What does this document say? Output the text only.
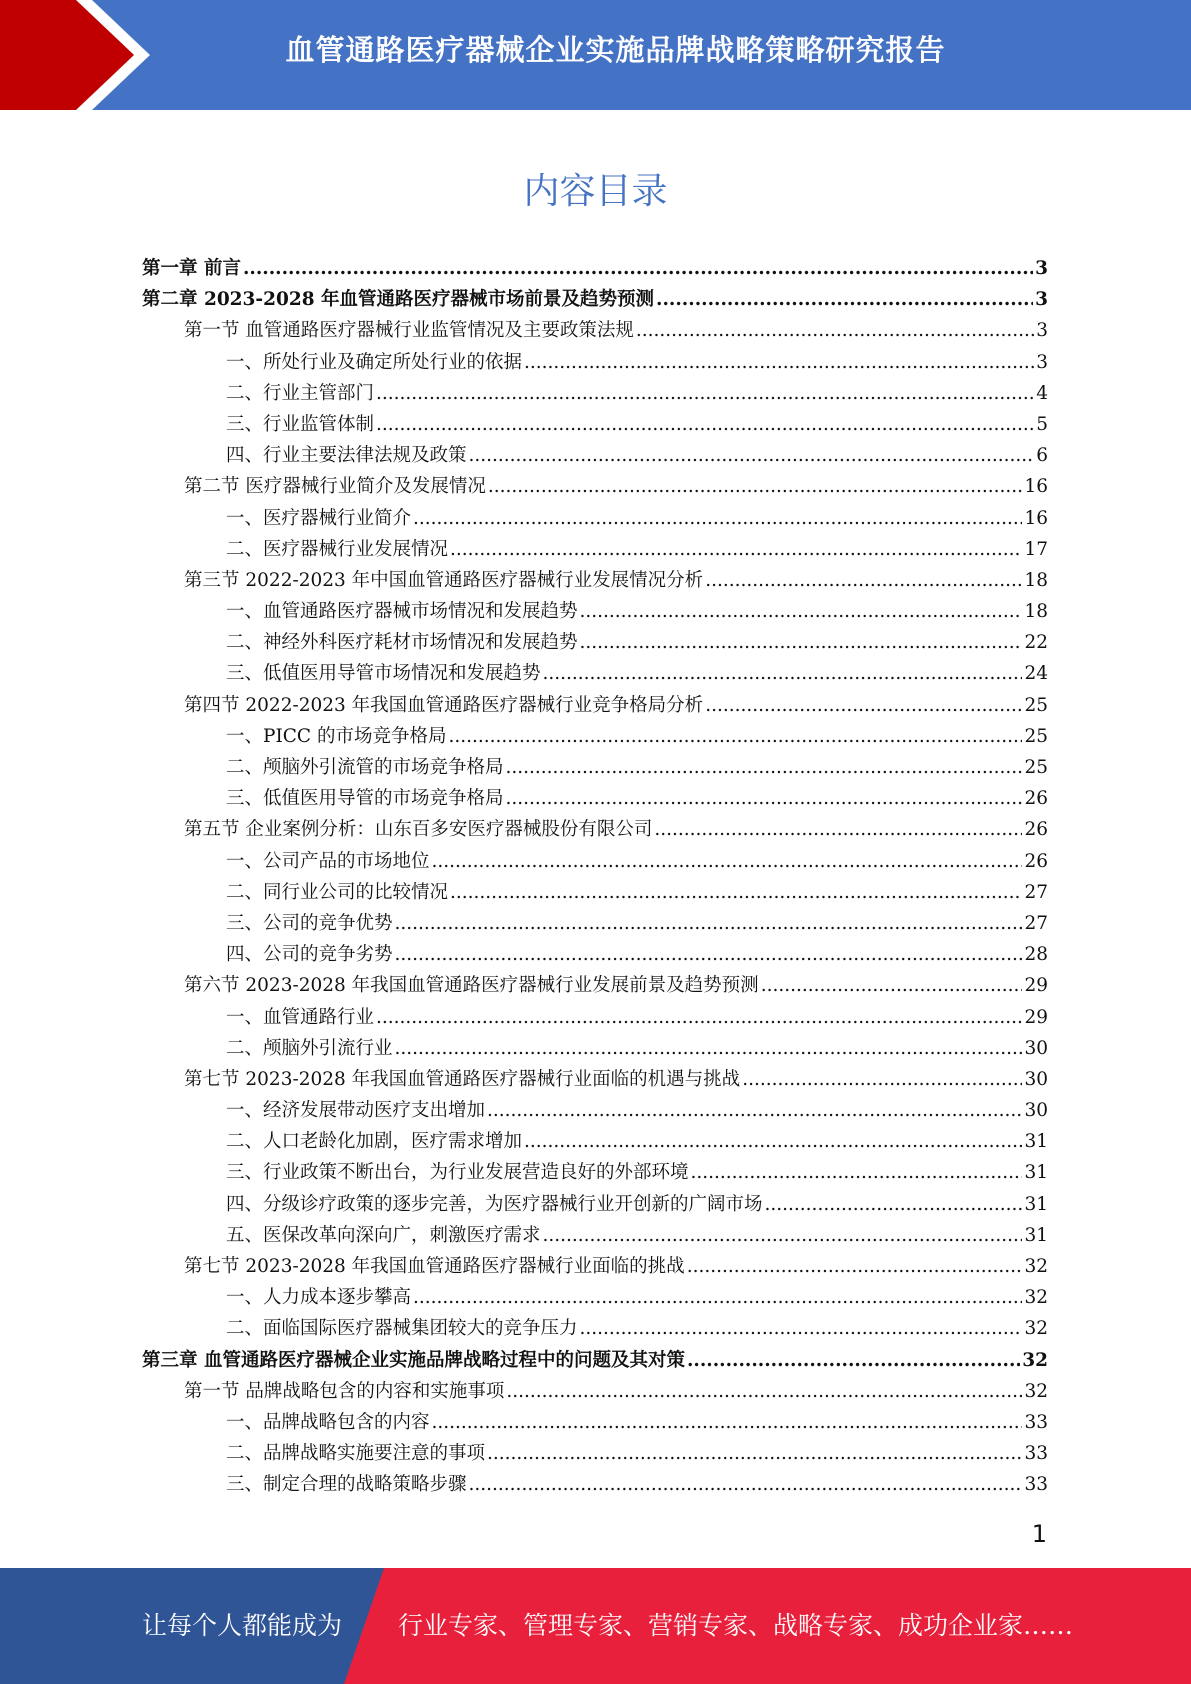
血管通路医疗器械企业实施品牌战略策略研究报告
内容目录
第一章 前言 .....	3
第二章 2023-2028 年血管通路医疗器械市场前景及趋势预测 .....	3
第一节 血管通路医疗器械行业监管情况及主要政策法规 .....	3
一、所处行业及确定所处行业的依据 .....	3
二、行业主管部门 .....	4
三、行业监管体制 .....	5
四、行业主要法律法规及政策 .....	6
第二节 医疗器械行业简介及发展情况 .....	16
一、医疗器械行业简介 .....	16
二、医疗器械行业发展情况 .....	17
第三节 2022-2023 年中国血管通路医疗器械行业发展情况分析 .....	18
一、血管通路医疗器械市场情况和发展趋势 .....	18
二、神经外科医疗耗材市场情况和发展趋势 .....	22
三、低值医用导管市场情况和发展趋势 .....	24
第四节 2022-2023 年我国血管通路医疗器械行业竞争格局分析 .....	25
一、PICC 的市场竞争格局 .....	25
二、颅脑外引流管的市场竞争格局 .....	25
三、低值医用导管的市场竞争格局 .....	26
第五节 企业案例分析：山东百多安医疗器械股份有限公司 .....	26
一、公司产品的市场地位 .....	26
二、同行业公司的比较情况 .....	27
三、公司的竞争优势 .....	27
四、公司的竞争劣势 .....	28
第六节 2023-2028 年我国血管通路医疗器械行业发展前景及趋势预测 .....	29
一、血管通路行业 .....	29
二、颅脑外引流行业 .....	30
第七节 2023-2028 年我国血管通路医疗器械行业面临的机遇与挑战 .....	30
一、经济发展带动医疗支出增加 .....	30
二、人口老龄化加剧，医疗需求增加 .....	31
三、行业政策不断出台，为行业发展营造良好的外部环境 .....	31
四、分级诊疗政策的逐步完善，为医疗器械行业开创新的广阔市场 .....	31
五、医保改革向深向广，刺激医疗需求 .....	31
第七节 2023-2028 年我国血管通路医疗器械行业面临的挑战 .....	32
一、人力成本逐步攀高 .....	32
二、面临国际医疗器械集团较大的竞争压力 .....	32
第三章 血管通路医疗器械企业实施品牌战略过程中的问题及其对策 .....	32
第一节 品牌战略包含的内容和实施事项 .....	32
一、品牌战略包含的内容 .....	33
二、品牌战略实施要注意的事项 .....	33
三、制定合理的战略策略步骤 .....	33
1
让每个人都能成为 行业专家、管理专家、营销专家、战略专家、成功企业家……
